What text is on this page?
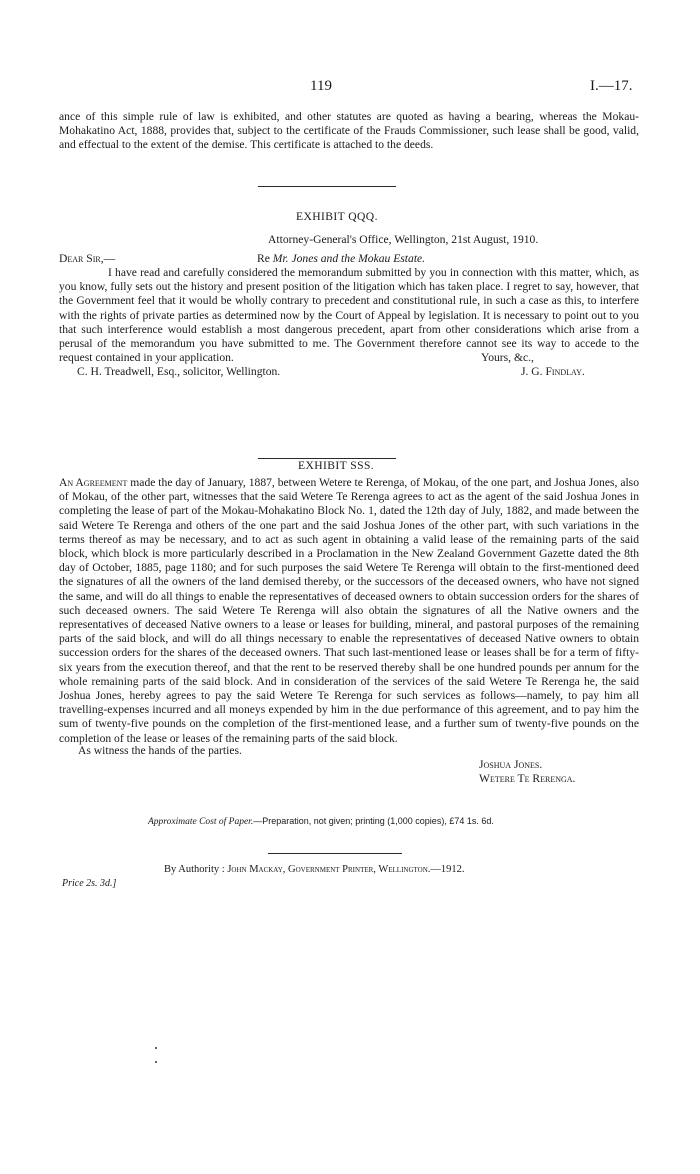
119	I.—17.

ance of this simple rule of law is exhibited, and other statutes are quoted as having a bearing, whereas the Mokau-Mohakatino Act, 1888, provides that, subject to the certificate of the Frauds Commissioner, such lease shall be good, valid, and effectual to the extent of the demise. This certificate is attached to the deeds.

EXHIBIT QQQ.
Attorney-General's Office, Wellington, 21st August, 1910.
Dear Sir,—	Re Mr. Jones and the Mokau Estate.

I have read and carefully considered the memorandum submitted by you in connection with this matter, which, as you know, fully sets out the history and present position of the litigation which has taken place. I regret to say, however, that the Government feel that it would be wholly contrary to precedent and constitutional rule, in such a case as this, to interfere with the rights of private parties as determined now by the Court of Appeal by legislation. It is necessary to point out to you that such interference would establish a most dangerous precedent, apart from other considerations which arise from a perusal of the memorandum you have submitted to me. The Government therefore cannot see its way to accede to the request contained in your application.	Yours, &c.,
C. H. Treadwell, Esq., solicitor, Wellington.	J. G. Findlay.
EXHIBIT SSS.

An Agreement made the day of January, 1887, between Wetere te Rerenga, of Mokau, of the one part, and Joshua Jones, also of Mokau, of the other part, witnesses that the said Wetere Te Rerenga agrees to act as the agent of the said Joshua Jones in completing the lease of part of the Mokau-Mohakatino Block No. 1, dated the 12th day of July, 1882, and made between the said Wetere Te Rerenga and others of the one part and the said Joshua Jones of the other part, with such variations in the terms thereof as may be necessary, and to act as such agent in obtaining a valid lease of the remaining parts of the said block, which block is more particularly described in a Proclamation in the New Zealand Government Gazette dated the 8th day of October, 1885, page 1180; and for such purposes the said Wetere Te Rerenga will obtain to the first-mentioned deed the signatures of all the owners of the land demised thereby, or the successors of the deceased owners, who have not signed the same, and will do all things to enable the representatives of deceased owners to obtain succession orders for the shares of such deceased owners. The said Wetere Te Rerenga will also obtain the signatures of all the Native owners and the representatives of deceased Native owners to a lease or leases for building, mineral, and pastoral purposes of the remaining parts of the said block, and will do all things necessary to enable the representatives of deceased Native owners to obtain succession orders for the shares of the deceased owners. That such last-mentioned lease or leases shall be for a term of fifty-six years from the execution thereof, and that the rent to be reserved thereby shall be one hundred pounds per annum for the whole remaining parts of the said block. And in consideration of the services of the said Wetere Te Rerenga he, the said Joshua Jones, hereby agrees to pay the said Wetere Te Rerenga for such services as follows—namely, to pay him all travelling-expenses incurred and all moneys expended by him in the due performance of this agreement, and to pay him the sum of twenty-five pounds on the completion of the first-mentioned lease, and a further sum of twenty-five pounds on the completion of the lease or leases of the remaining parts of the said block.

As witness the hands of the parties.
Joshua Jones.
Wetere Te Rerenga.
Approximate Cost of Paper.—Preparation, not given; printing (1,000 copies), £74 1s. 6d.
By Authority : John Mackay, Government Printer, Wellington.—1912.
Price 2s. 3d.]
